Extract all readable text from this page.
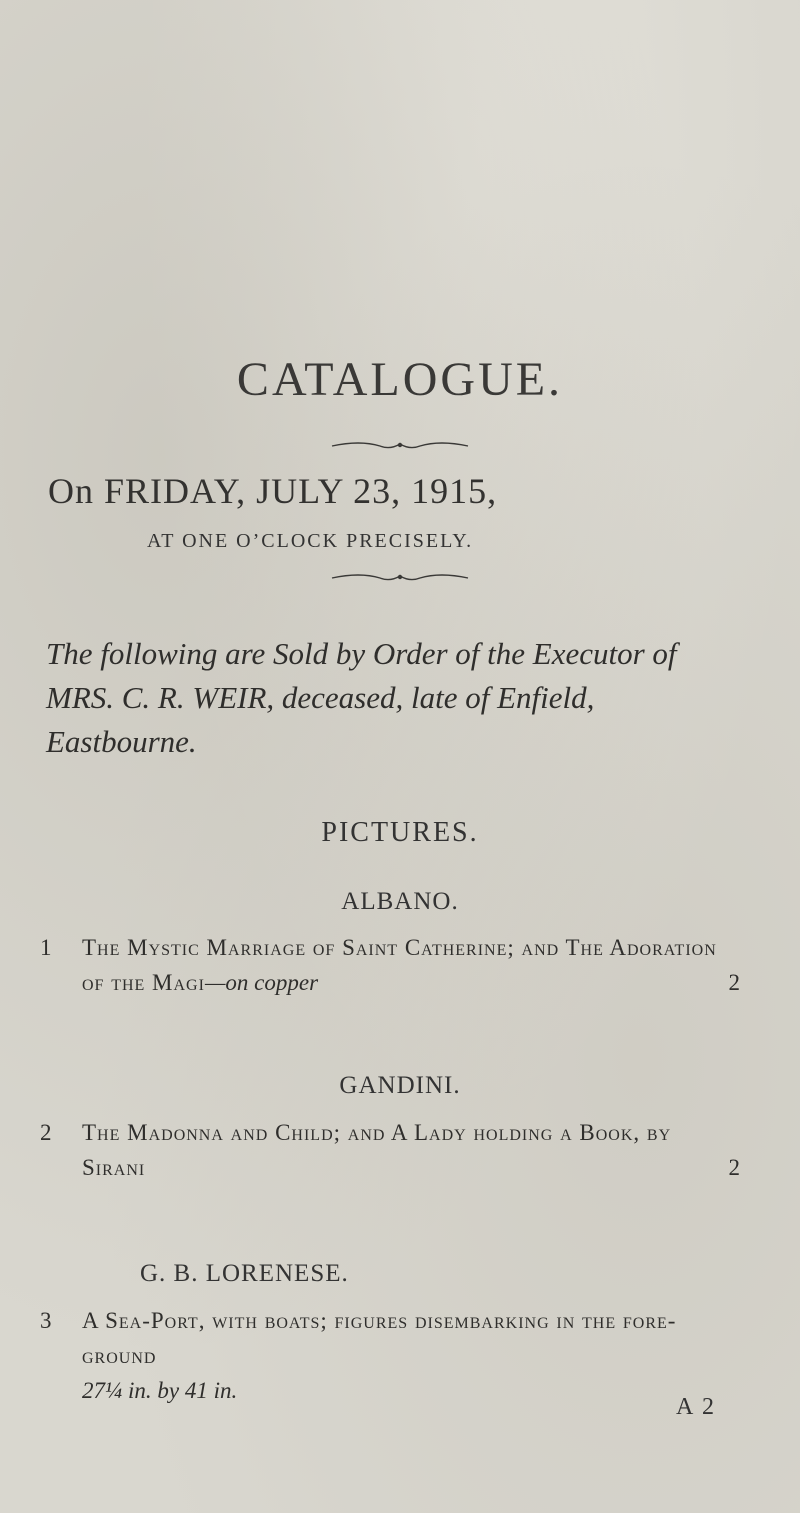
CATALOGUE.
On FRIDAY, JULY 23, 1915,
AT ONE O’CLOCK PRECISELY.
The following are Sold by Order of the Executor of MRS. C. R. WEIR, deceased, late of Enfield, Eastbourne.
PICTURES.
ALBANO.
1 The Mystic Marriage of Saint Catherine; and The Adoration of the Magi—on copper	2
GANDINI.
2 The Madonna and Child; and A Lady holding a Book, by Sirani	2
G. B. LORENESE.
3 A Sea-Port, with boats; figures disembarking in the fore-ground
27¼ in. by 41 in.
A 2
